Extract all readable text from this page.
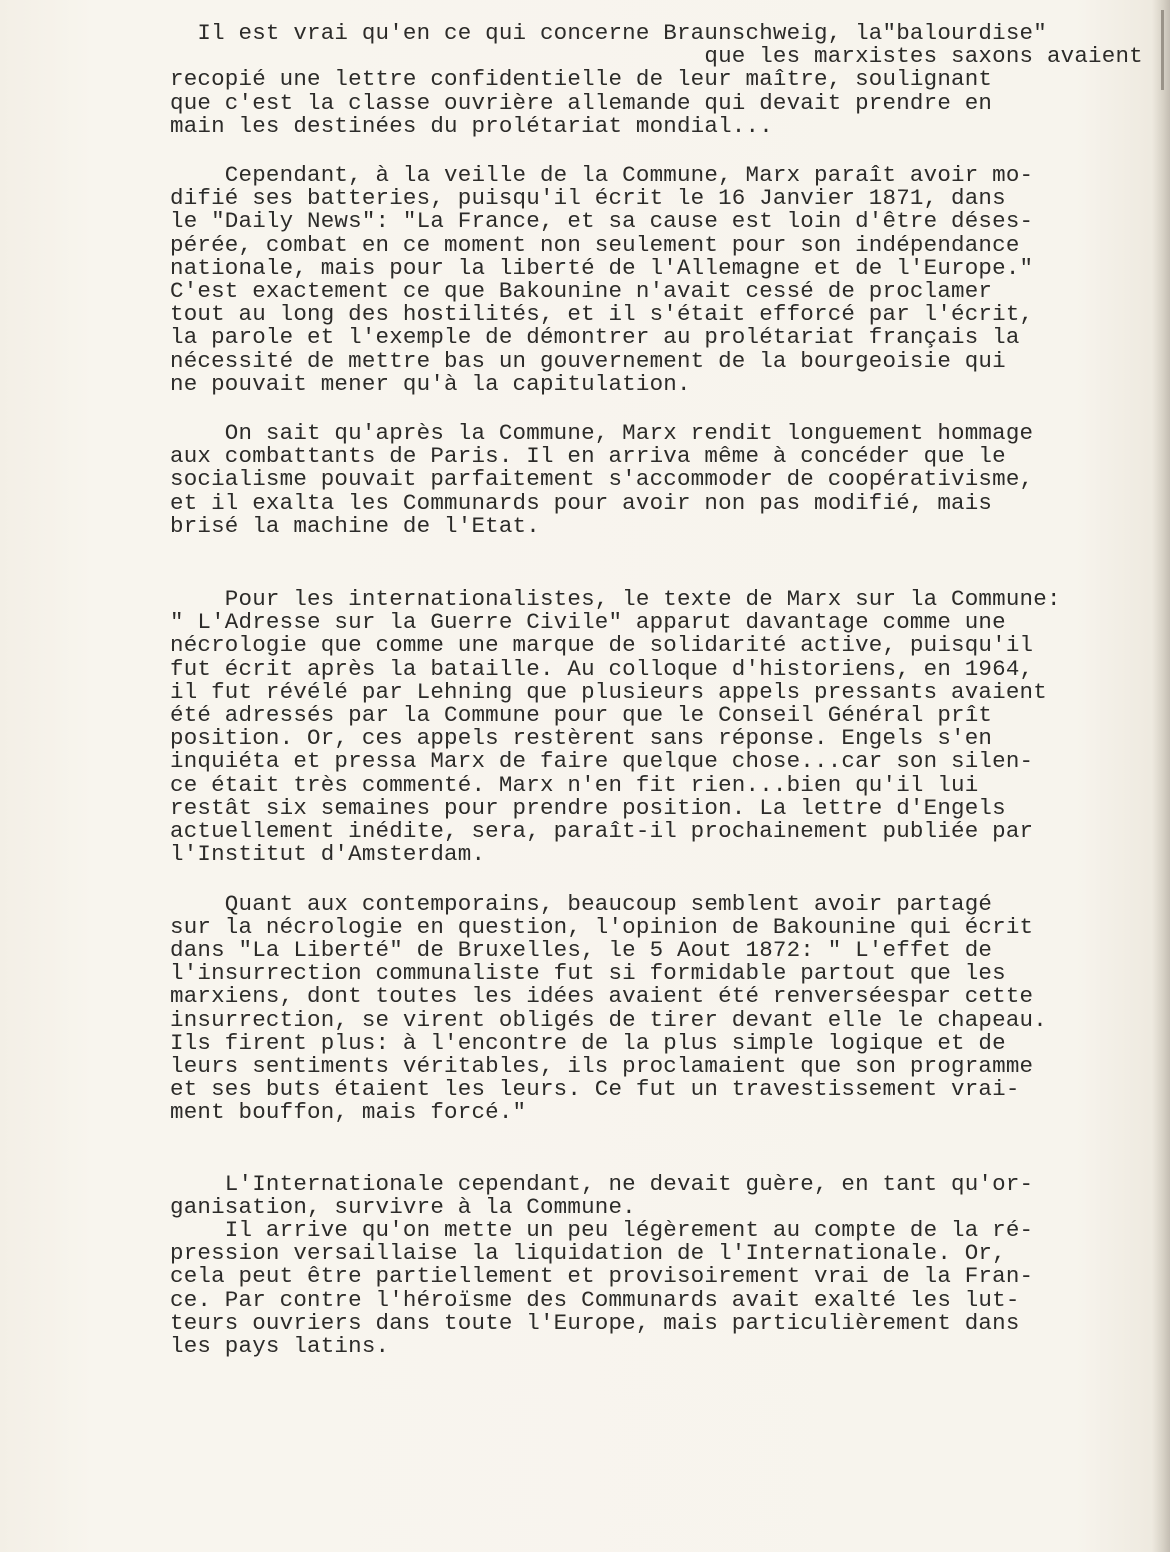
Il est vrai qu'en ce qui concerne Braunschweig, la"balourdise"
que les marxistes saxons avaient
recopié une lettre confidentielle de leur maître, soulignant
que c'est la classe ouvrière allemande qui devait prendre en
main les destinées du prolétariat mondial...

Cependant, à la veille de la Commune, Marx paraît avoir mo-
difié ses batteries, puisqu'il écrit le 16 Janvier 1871, dans
le "Daily News": "La France, et sa cause est loin d'être déses-
pérée, combat en ce moment non seulement pour son indépendance
nationale, mais pour la liberté de l'Allemagne et de l'Europe."
C'est exactement ce que Bakounine n'avait cessé de proclamer
tout au long des hostilités, et il s'était efforcé par l'écrit,
la parole et l'exemple de démontrer au prolétariat français la
nécessité de mettre bas un gouvernement de la bourgeoisie qui
ne pouvait mener qu'à la capitulation.

On sait qu'après la Commune, Marx rendit longuement hommage
aux combattants de Paris. Il en arriva même à concéder que le
socialisme pouvait parfaitement s'accommoder de coopérativisme,
et il exalta les Communards pour avoir non pas modifié, mais
brisé la machine de l'Etat.

Pour les internationalistes, le texte de Marx sur la Commune:
" L'Adresse sur la Guerre Civile" apparut davantage comme une
nécrologie que comme une marque de solidarité active, puisqu'il
fut écrit après la bataille. Au colloque d'historiens, en 1964,
il fut révélé par Lehning que plusieurs appels pressants avaient
été adressés par la Commune pour que le Conseil Général prît
position. Or, ces appels restèrent sans réponse. Engels s'en
inquiéta et pressa Marx de faire quelque chose...car son silen-
ce était très commenté. Marx n'en fit rien...bien qu'il lui
restât six semaines pour prendre position. La lettre d'Engels
actuellement inédite, sera, paraît-il prochainement publiée par
l'Institut d'Amsterdam.

Quant aux contemporains, beaucoup semblent avoir partagé
sur la nécrologie en question, l'opinion de Bakounine qui écrit
dans "La Liberté" de Bruxelles, le 5 Aout 1872: " L'effet de
l'insurrection communaliste fut si formidable partout que les
marxiens, dont toutes les idées avaient été renverséespar cette
insurrection, se virent obligés de tirer devant elle le chapeau.
Ils firent plus: à l'encontre de la plus simple logique et de
leurs sentiments véritables, ils proclamaient que son programme
et ses buts étaient les leurs. Ce fut un travestissement vrai-
ment bouffon, mais forcé."

L'Internationale cependant, ne devait guère, en tant qu'or-
ganisation, survivre à la Commune.
Il arrive qu'on mette un peu légèrement au compte de la ré-
pression versaillaise la liquidation de l'Internationale. Or,
cela peut être partiellement et provisoirement vrai de la Fran-
ce. Par contre l'héroïsme des Communards avait exalté les lut-
teurs ouvriers dans toute l'Europe, mais particulièrement dans
les pays latins.
